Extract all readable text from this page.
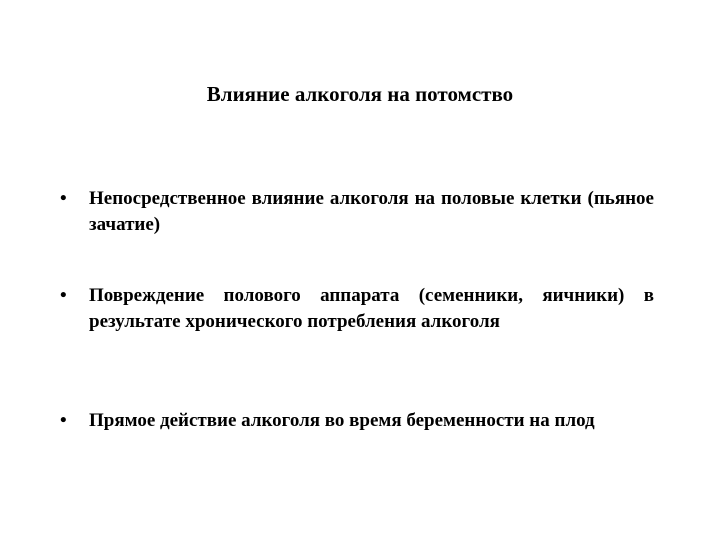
Влияние алкоголя на потомство
•	Непосредственное влияние алкоголя на половые клетки (пьяное зачатие)
•	Повреждение полового аппарата (семенники, яичники) в результате хронического потребления алкоголя
•	Прямое действие алкоголя во время беременности на плод
